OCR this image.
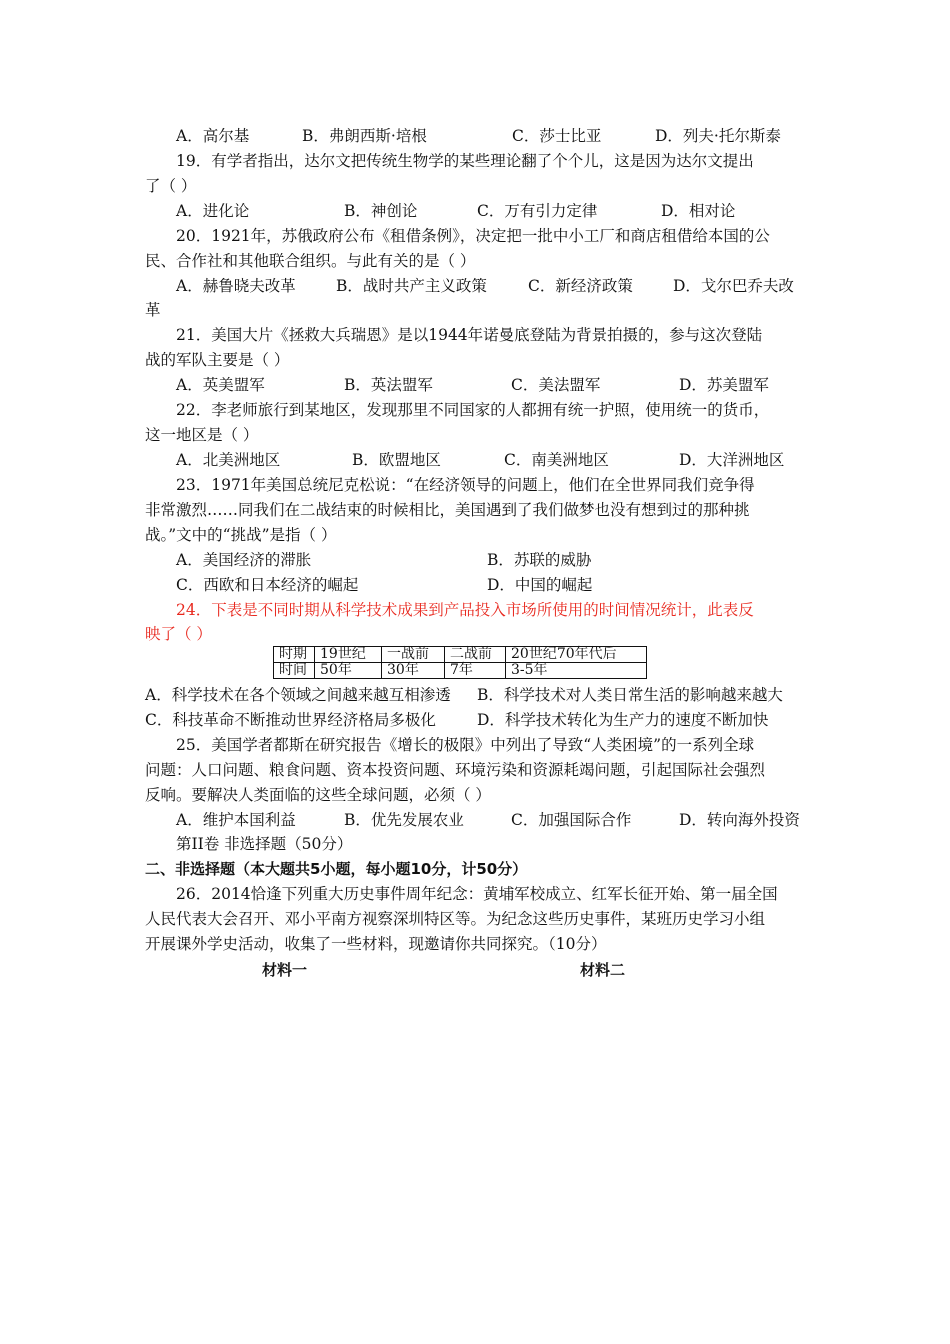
A．高尔基	B．弗朗西斯·培根	C．莎士比亚	D．列夫·托尔斯泰
19．有学者指出，达尔文把传统生物学的某些理论翻了个个儿，这是因为达尔文提出
了（ ）
A．进化论	B．神创论	C．万有引力定律	D．相对论
20．1921年，苏俄政府公布《租借条例》，决定把一批中小工厂和商店租借给本国的公
民、合作社和其他联合组织。与此有关的是（ ）
A．赫鲁晓夫改革	B．战时共产主义政策	C．新经济政策	D．戈尔巴乔夫改
革
21．美国大片《拯救大兵瑞恩》是以1944年诺曼底登陆为背景拍摄的，参与这次登陆
战的军队主要是（ ）
A．英美盟军	B．英法盟军	C．美法盟军	D．苏美盟军
22．李老师旅行到某地区，发现那里不同国家的人都拥有统一护照，使用统一的货币，
这一地区是（ ）
A．北美洲地区	B．欧盟地区	C．南美洲地区	D．大洋洲地区
23．1971年美国总统尼克松说：“在经济领导的问题上，他们在全世界同我们竞争得
非常激烈……同我们在二战结束的时候相比，美国遇到了我们做梦也没有想到过的那种挑
战。”文中的“挑战”是指（ ）
A．美国经济的滞胀	B．苏联的威胁
C．西欧和日本经济的崛起	D．中国的崛起
24．下表是不同时期从科学技术成果到产品投入市场所使用的时间情况统计，此表反
映了（ ）
时期	19世纪	一战前	二战前	20世纪70年代后
时间	50年	30年	7年	3-5年
A．科学技术在各个领域之间越来越互相渗透	B．科学技术对人类日常生活的影响越来越大
C．科技革命不断推动世界经济格局多极化	D．科学技术转化为生产力的速度不断加快
25．美国学者都斯在研究报告《增长的极限》中列出了导致“人类困境”的一系列全球
问题：人口问题、粮食问题、资本投资问题、环境污染和资源耗竭问题，引起国际社会强烈
反响。要解决人类面临的这些全球问题，必须（ ）
A．维护本国利益	B．优先发展农业	C．加强国际合作	D．转向海外投资
第II卷 非选择题（50分）
二、非选择题（本大题共5小题，每小题10分，计50分）
26．2014恰逢下列重大历史事件周年纪念：黄埔军校成立、红军长征开始、第一届全国
人民代表大会召开、邓小平南方视察深圳特区等。为纪念这些历史事件，某班历史学习小组
开展课外学史活动，收集了一些材料，现邀请你共同探究。（10分）
材料一	材料二
